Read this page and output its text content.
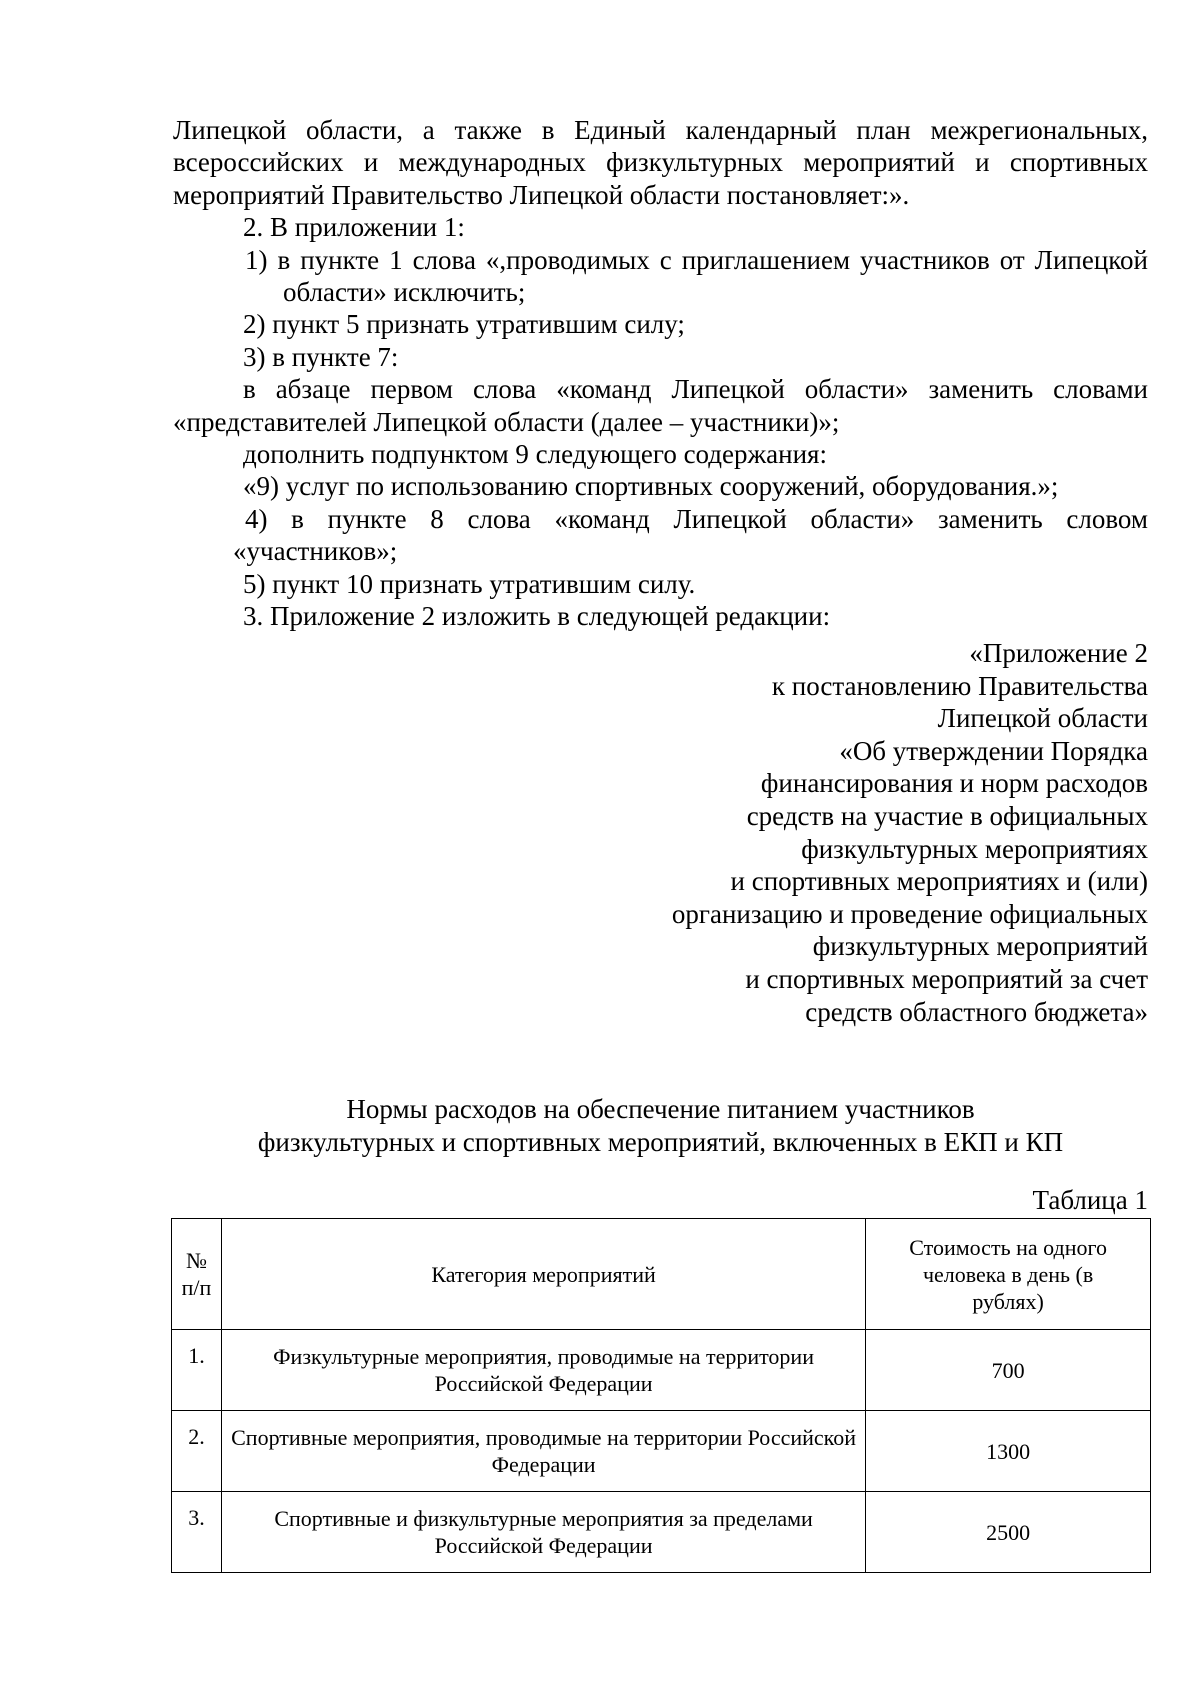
Липецкой области, а также в Единый календарный план межрегиональных, всероссийских и международных физкультурных мероприятий и спортивных мероприятий Правительство Липецкой области постановляет:».

2. В приложении 1:

1) в пункте 1 слова «,проводимых с приглашением участников от Липецкой области» исключить;

2) пункт 5 признать утратившим силу;

3) в пункте 7:

в абзаце первом слова «команд Липецкой области» заменить словами «представителей Липецкой области (далее – участники)»;

дополнить подпунктом 9 следующего содержания:

«9) услуг по использованию спортивных сооружений, оборудования.»;

4) в пункте 8 слова «команд Липецкой области» заменить словом «участников»;

5) пункт 10 признать утратившим силу.

3. Приложение 2 изложить в следующей редакции:

«Приложение 2

к постановлению Правительства

Липецкой области

«Об утверждении Порядка

финансирования и норм расходов

средств на участие в официальных

физкультурных мероприятиях

и спортивных мероприятиях и (или)

организацию и проведение официальных

физкультурных мероприятий

и спортивных мероприятий за счет

средств областного бюджета»

Нормы расходов на обеспечение питанием участников

физкультурных и спортивных мероприятий, включенных в ЕКП и КП

Таблица 1
№ п/п	Категория мероприятий	Стоимость на одного человека в день (в рублях)
1.	Физкультурные мероприятия, проводимые на территории Российской Федерации	700
2.	Спортивные мероприятия, проводимые на территории Российской Федерации	1300
3.	Спортивные и физкультурные мероприятия за пределами Российской Федерации	2500
